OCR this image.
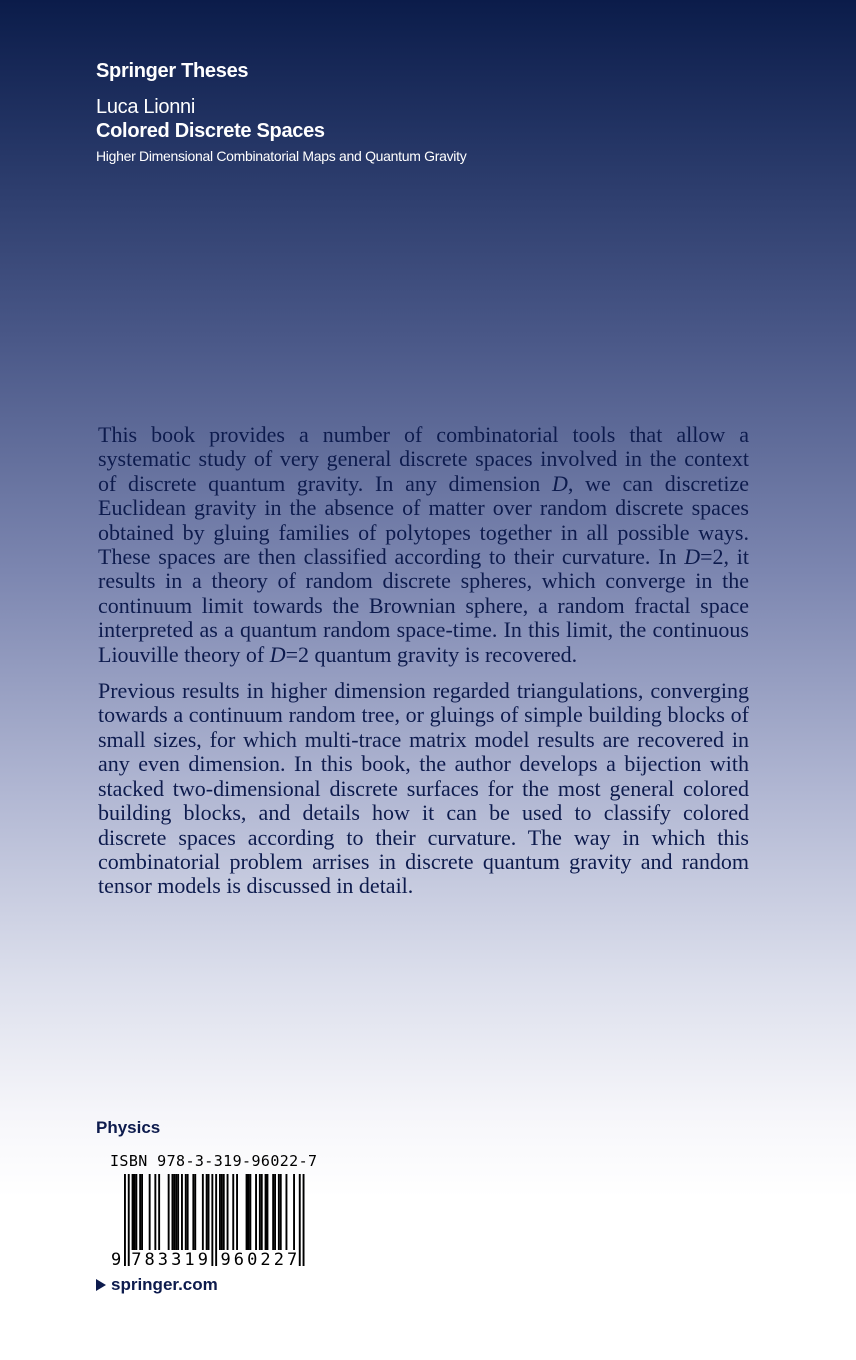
Springer Theses
Luca Lionni
Colored Discrete Spaces
Higher Dimensional Combinatorial Maps and Quantum Gravity

This book provides a number of combinatorial tools that allow a systematic study of very general discrete spaces involved in the context of discrete quantum gravity. In any dimension D, we can discretize Euclidean gravity in the absence of matter over random discrete spaces obtained by gluing families of polytopes together in all possible ways. These spaces are then classified according to their curvature. In D=2, it results in a theory of random discrete spheres, which converge in the continuum limit towards the Brownian sphere, a random fractal space interpreted as a quantum random space-time. In this limit, the continuous Liouville theory of D=2 quantum gravity is recovered.

Previous results in higher dimension regarded triangulations, converging towards a continuum random tree, or gluings of simple building blocks of small sizes, for which multi-trace matrix model results are recovered in any even dimension. In this book, the author develops a bijection with stacked two-dimensional discrete surfaces for the most general colored building blocks, and details how it can be used to classify colored discrete spaces according to their curvature. The way in which this combinatorial problem arrises in discrete quantum gravity and random tensor models is discussed in detail.

Physics
ISBN 978-3-319-96022-7
9 7 8 3 3 1 9 9 6 0 2 2 7
springer.com
